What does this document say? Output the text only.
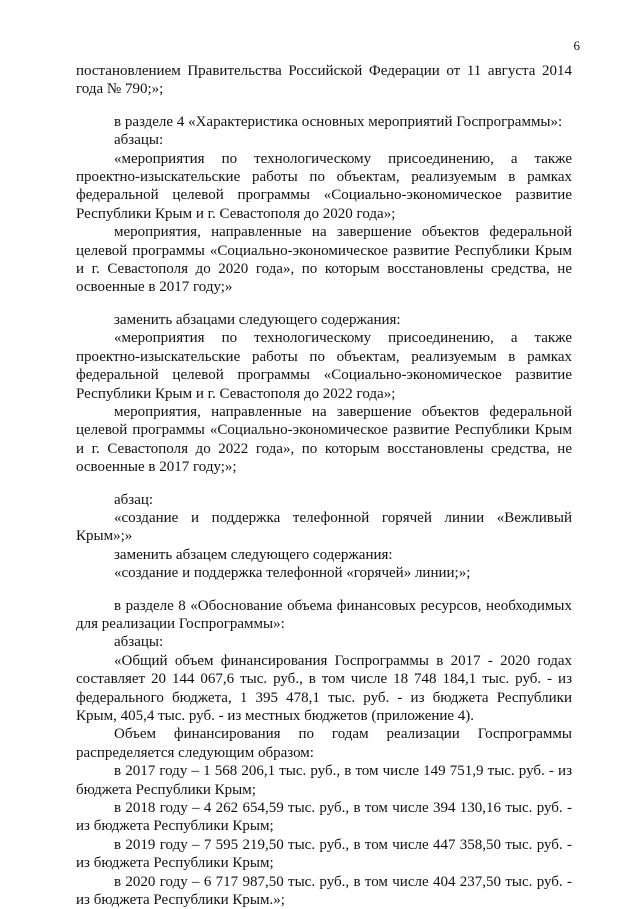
6

постановлением Правительства Российской Федерации от 11 августа 2014 года № 790;»;

в разделе 4 «Характеристика основных мероприятий Госпрограммы»:

абзацы:

«мероприятия по технологическому присоединению, а также проектно-изыскательские работы по объектам, реализуемым в рамках федеральной целевой программы «Социально-экономическое развитие Республики Крым и г. Севастополя до 2020 года»;

мероприятия, направленные на завершение объектов федеральной целевой программы «Социально-экономическое развитие Республики Крым и г. Севастополя до 2020 года», по которым восстановлены средства, не освоенные в 2017 году;»

заменить абзацами следующего содержания:

«мероприятия по технологическому присоединению, а также проектно-изыскательские работы по объектам, реализуемым в рамках федеральной целевой программы «Социально-экономическое развитие Республики Крым и г. Севастополя до 2022 года»;

мероприятия, направленные на завершение объектов федеральной целевой программы «Социально-экономическое развитие Республики Крым и г. Севастополя до 2022 года», по которым восстановлены средства, не освоенные в 2017 году;»;

абзац:

«создание и поддержка телефонной горячей линии «Вежливый Крым»;»

заменить абзацем следующего содержания:

«создание и поддержка телефонной «горячей» линии;»;

в разделе 8 «Обоснование объема финансовых ресурсов, необходимых для реализации Госпрограммы»:

абзацы:

«Общий объем финансирования Госпрограммы в 2017 - 2020 годах составляет 20 144 067,6 тыс. руб., в том числе 18 748 184,1 тыс. руб. - из федерального бюджета, 1 395 478,1 тыс. руб. - из бюджета Республики Крым, 405,4 тыс. руб. - из местных бюджетов (приложение 4).

Объем финансирования по годам реализации Госпрограммы распределяется следующим образом:

в 2017 году – 1 568 206,1 тыс. руб., в том числе 149 751,9 тыс. руб. - из бюджета Республики Крым;

в 2018 году – 4 262 654,59 тыс. руб., в том числе 394 130,16 тыс. руб. - из бюджета Республики Крым;

в 2019 году – 7 595 219,50 тыс. руб., в том числе 447 358,50 тыс. руб. - из бюджета Республики Крым;

в 2020 году – 6 717 987,50 тыс. руб., в том числе 404 237,50 тыс. руб. - из бюджета Республики Крым.»;
